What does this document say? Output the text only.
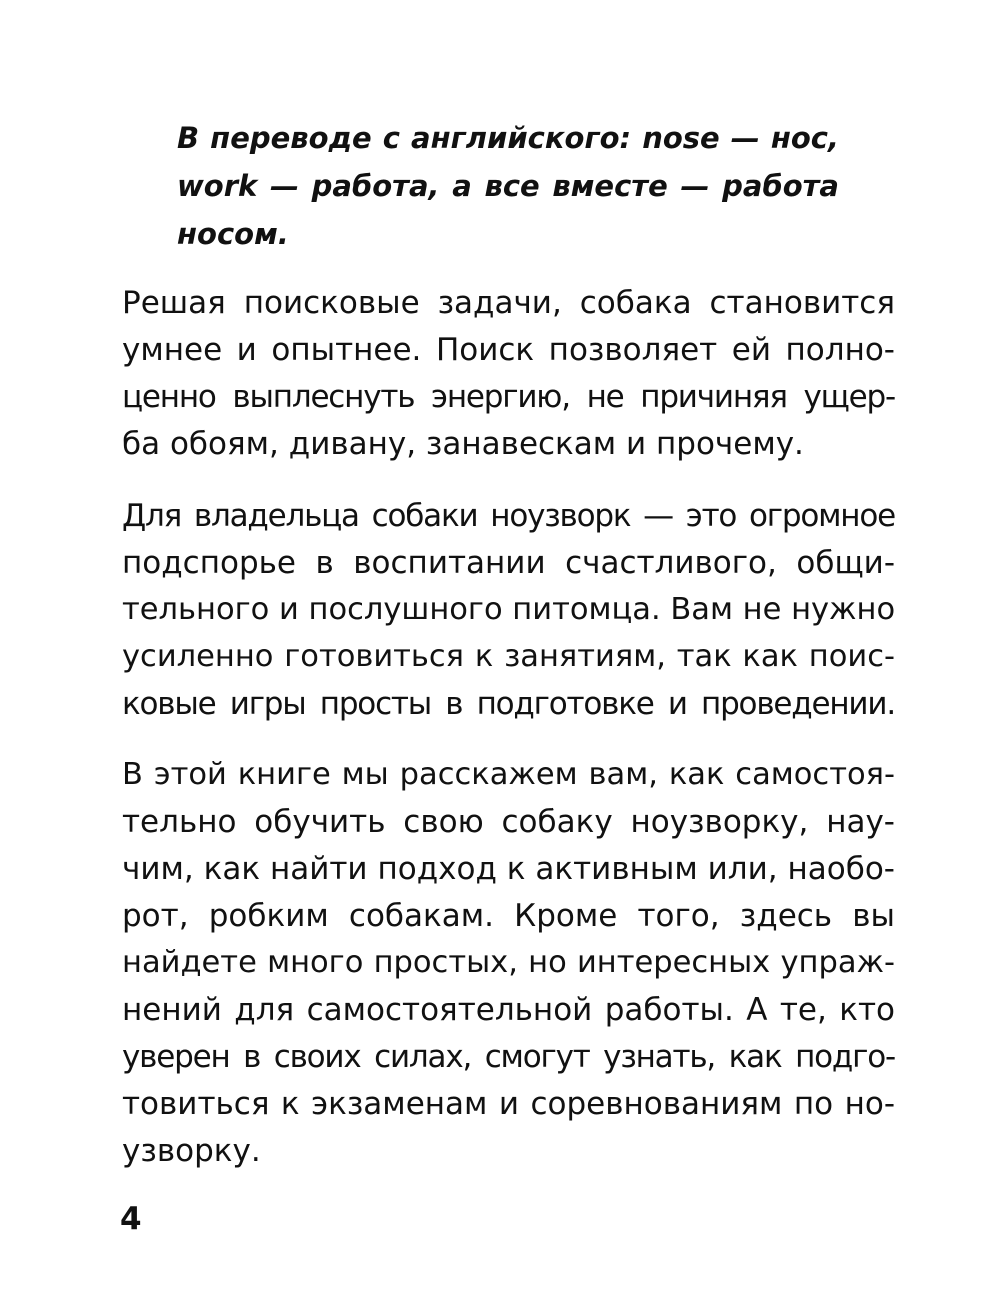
В переводе с английского: nose — нос,
work — работа, а все вместе — работа
носом.
Решая поисковые задачи, собака становится
умнее и опытнее. Поиск позволяет ей полно-
ценно выплеснуть энергию, не причиняя ущер-
ба обоям, дивану, занавескам и прочему.
Для владельца собаки ноузворк — это огромное
подспорье в воспитании счастливого, общи-
тельного и послушного питомца. Вам не нужно
усиленно готовиться к занятиям, так как поис-
ковые игры просты в подготовке и проведении.
В этой книге мы расскажем вам, как самостоя-
тельно обучить свою собаку ноузворку, нау-
чим, как найти подход к активным или, наобо-
рот, робким собакам. Кроме того, здесь вы
найдете много простых, но интересных упраж-
нений для самостоятельной работы. А те, кто
уверен в своих силах, смогут узнать, как подго-
товиться к экзаменам и соревнованиям по но-
узворку.
4
